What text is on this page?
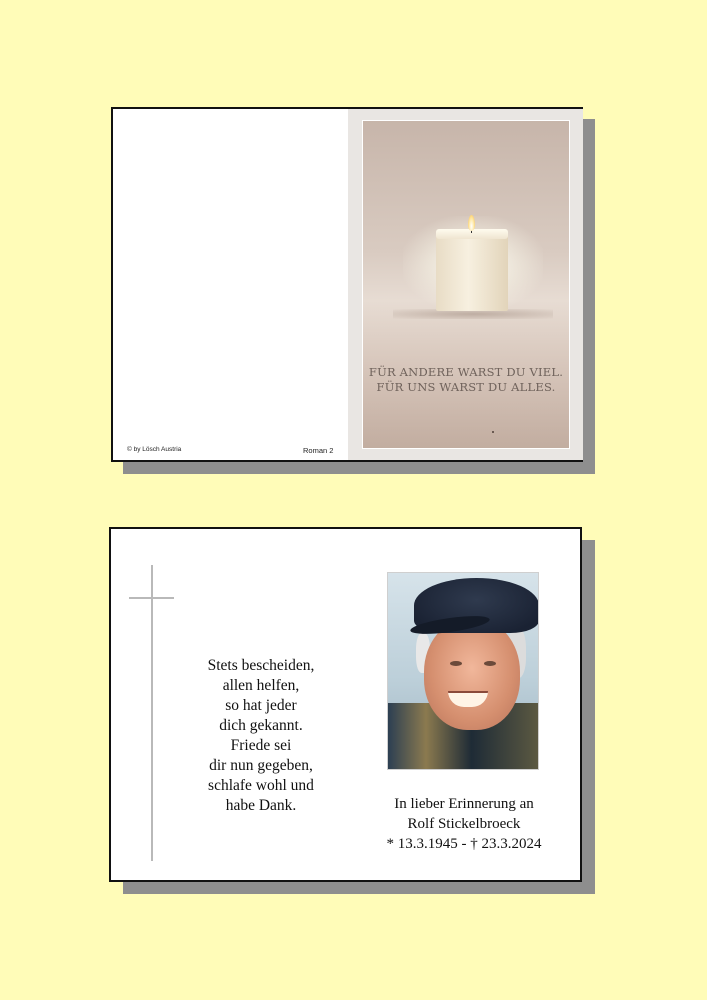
© by Lösch Austria	Roman 2
FÜR ANDERE WARST DU VIEL.
FÜR UNS WARST DU ALLES.
Stets bescheiden,
allen helfen,
so hat jeder
dich gekannt.
Friede sei
dir nun gegeben,
schlafe wohl und
habe Dank.	In lieber Erinnerung an
Rolf Stickelbroeck
* 13.3.1945 - † 23.3.2024
